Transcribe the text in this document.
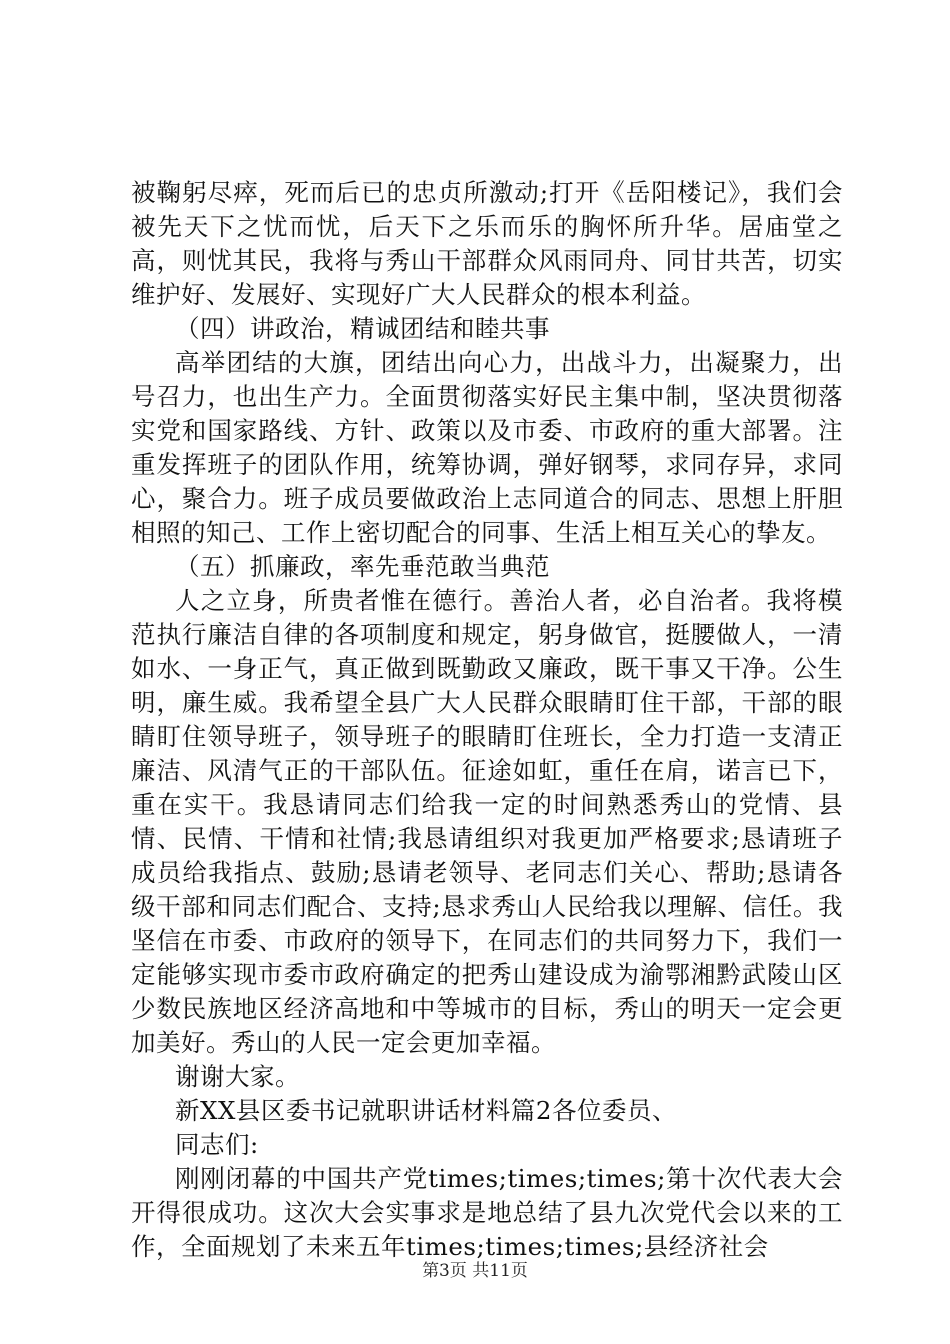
被鞠躬尽瘁，死而后已的忠贞所激动;打开《岳阳楼记》，我们会被先天下之忧而忧，后天下之乐而乐的胸怀所升华。居庙堂之高，则忧其民，我将与秀山干部群众风雨同舟、同甘共苦，切实维护好、发展好、实现好广大人民群众的根本利益。

（四）讲政治，精诚团结和睦共事

高举团结的大旗，团结出向心力，出战斗力，出凝聚力，出号召力，也出生产力。全面贯彻落实好民主集中制，坚决贯彻落实党和国家路线、方针、政策以及市委、市政府的重大部署。注重发挥班子的团队作用，统筹协调，弹好钢琴，求同存异，求同心，聚合力。班子成员要做政治上志同道合的同志、思想上肝胆相照的知己、工作上密切配合的同事、生活上相互关心的挚友。

（五）抓廉政，率先垂范敢当典范

人之立身，所贵者惟在德行。善治人者，必自治者。我将模范执行廉洁自律的各项制度和规定，躬身做官，挺腰做人，一清如水、一身正气，真正做到既勤政又廉政，既干事又干净。公生明，廉生威。我希望全县广大人民群众眼睛盯住干部，干部的眼睛盯住领导班子，领导班子的眼睛盯住班长，全力打造一支清正廉洁、风清气正的干部队伍。征途如虹，重任在肩，诺言已下，重在实干。我恳请同志们给我一定的时间熟悉秀山的党情、县情、民情、干情和社情;我恳请组织对我更加严格要求;恳请班子成员给我指点、鼓励;恳请老领导、老同志们关心、帮助;恳请各级干部和同志们配合、支持;恳求秀山人民给我以理解、信任。我坚信在市委、市政府的领导下，在同志们的共同努力下，我们一定能够实现市委市政府确定的把秀山建设成为渝鄂湘黔武陵山区少数民族地区经济高地和中等城市的目标，秀山的明天一定会更加美好。秀山的人民一定会更加幸福。

谢谢大家。

新XX县区委书记就职讲话材料篇2各位委员、

同志们:

刚刚闭幕的中国共产党times;times;times;第十次代表大会开得很成功。这次大会实事求是地总结了县九次党代会以来的工作，全面规划了未来五年times;times;times;县经济社会

第3页 共11页
